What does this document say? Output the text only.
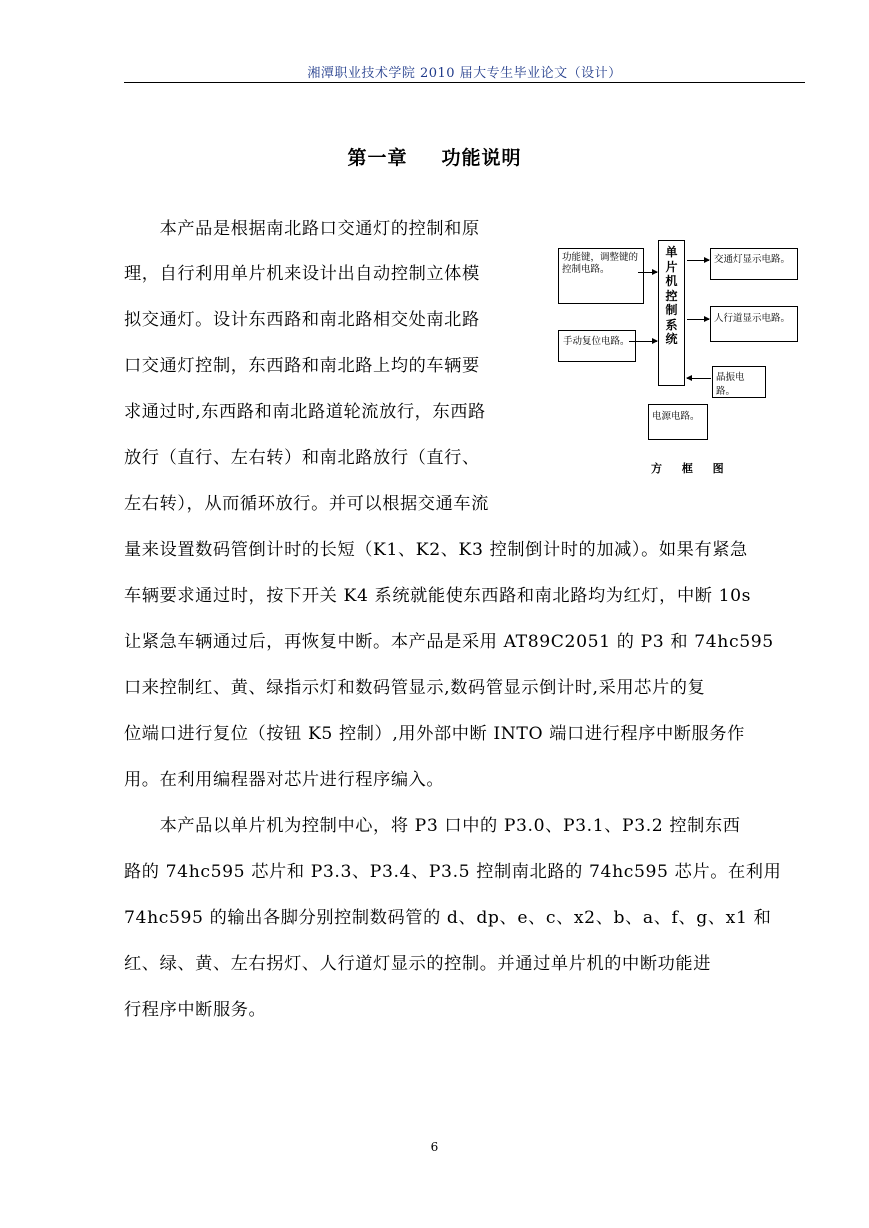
湘潭职业技术学院 2010 届大专生毕业论文（设计）
第一章 功能说明
　　本产品是根据南北路口交通灯的控制和原
理，自行利用单片机来设计出自动控制立体模
拟交通灯。设计东西路和南北路相交处南北路
口交通灯控制，东西路和南北路上均的车辆要
求通过时,东西路和南北路道轮流放行，东西路
放行（直行、左右转）和南北路放行（直行、
左右转），从而循环放行。并可以根据交通车流
量来设置数码管倒计时的长短（K1、K2、K3 控制倒计时的加减）。如果有紧急
车辆要求通过时，按下开关 K4 系统就能使东西路和南北路均为红灯，中断 10s
让紧急车辆通过后，再恢复中断。本产品是采用 AT89C2051 的 P3 和 74hc595
口来控制红、黄、绿指示灯和数码管显示,数码管显示倒计时,采用芯片的复
位端口进行复位（按钮 K5 控制）,用外部中断 INTO 端口进行程序中断服务作
用。在利用编程器对芯片进行程序编入。
　　本产品以单片机为控制中心，将 P3 口中的 P3.0、P3.1、P3.2 控制东西
路的 74hc595 芯片和 P3.3、P3.4、P3.5 控制南北路的 74hc595 芯片。在利用
74hc595 的输出各脚分别控制数码管的 d、dp、e、c、x2、b、a、f、g、x1 和
红、绿、黄、左右拐灯、人行道灯显示的控制。并通过单片机的中断功能进
行程序中断服务。
功能键，调整键的控制电路。
手动复位电路。
单
片
机
控
制
系
统
交通灯显示电路。
人行道显示电路。
晶振电路。
电源电路。
方 框 图
6
